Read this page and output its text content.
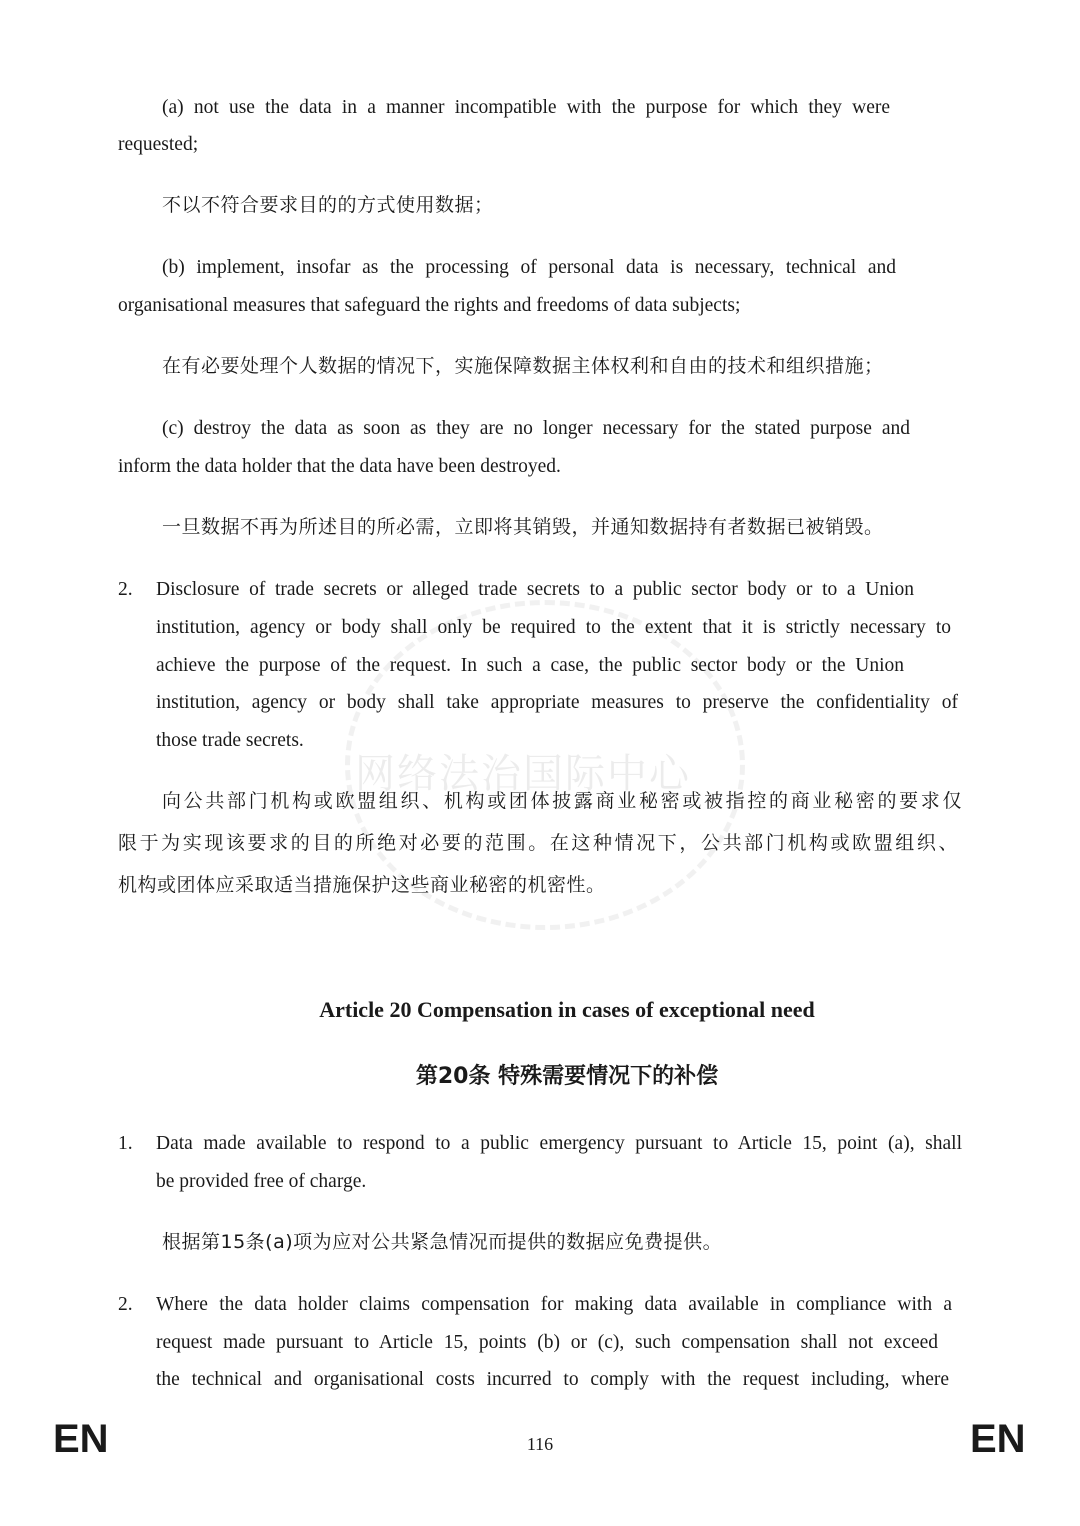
网络法治国际中心
(a) not use the data in a manner incompatible with the purpose for which they were
requested;
不以不符合要求目的的方式使用数据；
(b) implement, insofar as the processing of personal data is necessary, technical and
organisational measures that safeguard the rights and freedoms of data subjects;
在有必要处理个人数据的情况下，实施保障数据主体权利和自由的技术和组织措施；
(c) destroy the data as soon as they are no longer necessary for the stated purpose and
inform the data holder that the data have been destroyed.
一旦数据不再为所述目的所必需，立即将其销毁，并通知数据持有者数据已被销毁。
2. Disclosure of trade secrets or alleged trade secrets to a public sector body or to a Union
institution, agency or body shall only be required to the extent that it is strictly necessary to
achieve the purpose of the request. In such a case, the public sector body or the Union
institution, agency or body shall take appropriate measures to preserve the confidentiality of
those trade secrets.
向公共部门机构或欧盟组织、机构或团体披露商业秘密或被指控的商业秘密的要求仅
限于为实现该要求的目的所绝对必要的范围。在这种情况下，公共部门机构或欧盟组织、
机构或团体应采取适当措施保护这些商业秘密的机密性。
Article 20 Compensation in cases of exceptional need
第20条 特殊需要情况下的补偿
1. Data made available to respond to a public emergency pursuant to Article 15, point (a), shall
be provided free of charge.
根据第15条(a)项为应对公共紧急情况而提供的数据应免费提供。
2. Where the data holder claims compensation for making data available in compliance with a
request made pursuant to Article 15, points (b) or (c), such compensation shall not exceed
the technical and organisational costs incurred to comply with the request including, where
EN	116	EN
